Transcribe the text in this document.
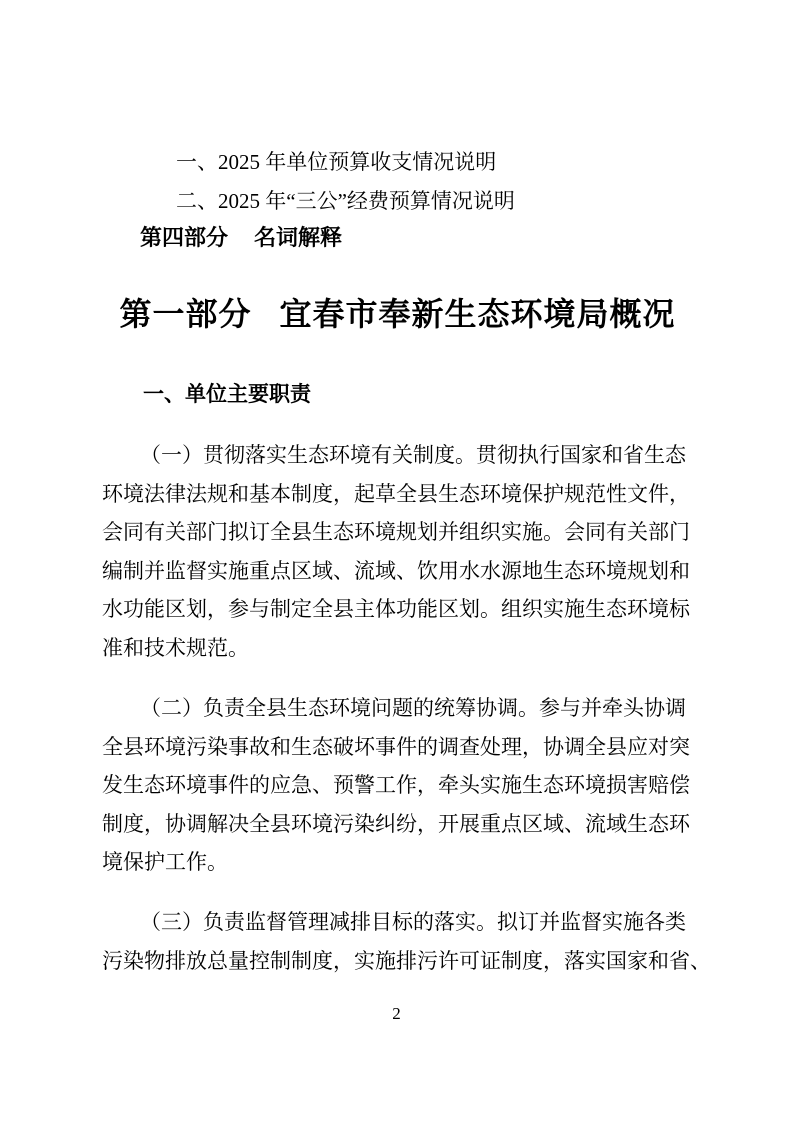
一、2025 年单位预算收支情况说明
二、2025 年“三公”经费预算情况说明
第四部分 名词解释
第一部分 宜春市奉新生态环境局概况
一、单位主要职责
（一）贯彻落实生态环境有关制度。贯彻执行国家和省生态
环境法律法规和基本制度，起草全县生态环境保护规范性文件，
会同有关部门拟订全县生态环境规划并组织实施。会同有关部门
编制并监督实施重点区域、流域、饮用水水源地生态环境规划和
水功能区划，参与制定全县主体功能区划。组织实施生态环境标
准和技术规范。
（二）负责全县生态环境问题的统筹协调。参与并牵头协调
全县环境污染事故和生态破坏事件的调查处理，协调全县应对突
发生态环境事件的应急、预警工作，牵头实施生态环境损害赔偿
制度，协调解决全县环境污染纠纷，开展重点区域、流域生态环
境保护工作。
（三）负责监督管理减排目标的落实。拟订并监督实施各类
污染物排放总量控制制度，实施排污许可证制度，落实国家和省、
2
